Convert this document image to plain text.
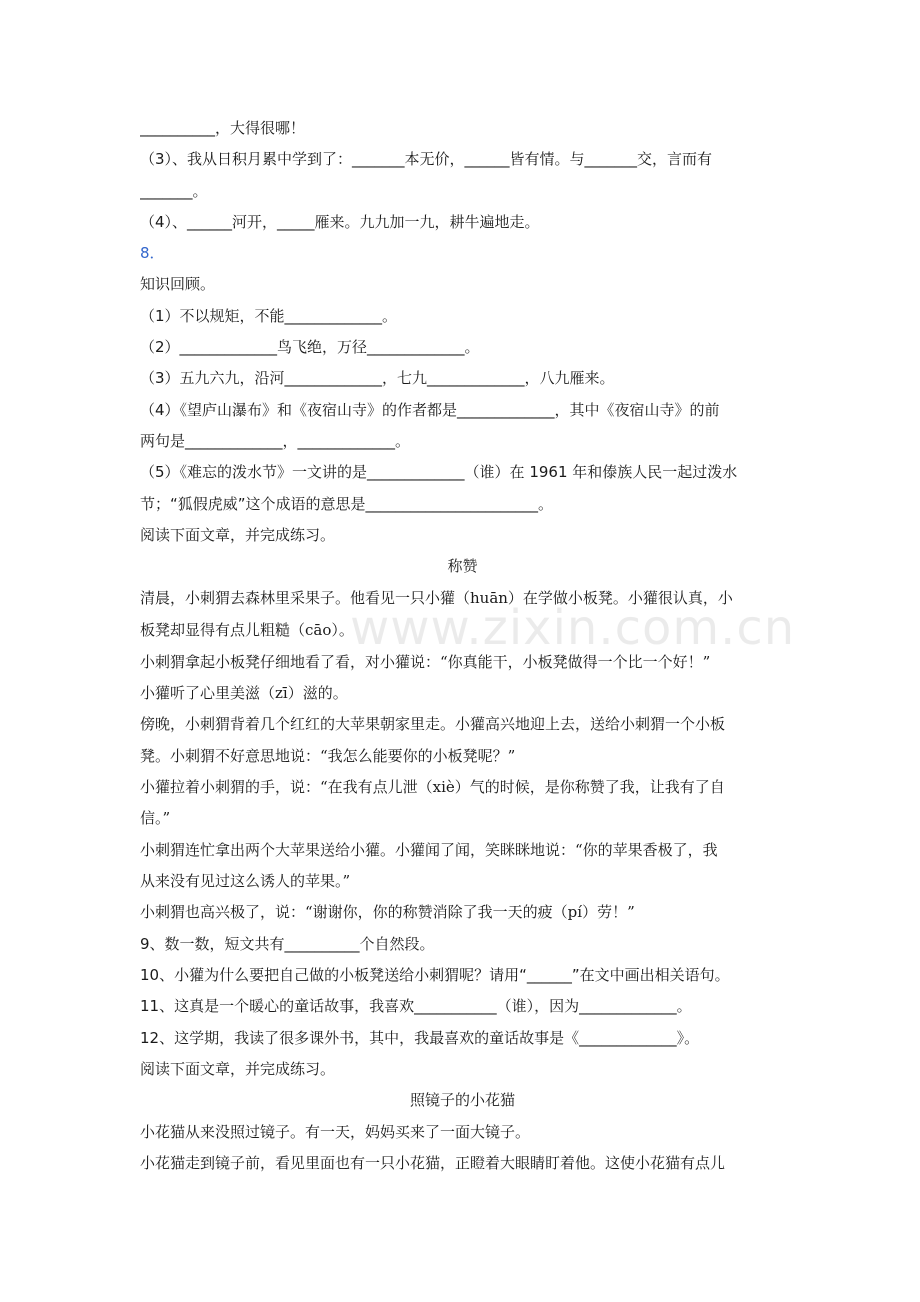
www.zixin.com.cn
__________，大得很哪！
（3）、我从日积月累中学到了：_______本无价，______皆有情。与_______交，言而有
_______。
（4）、______河开，_____雁来。九九加一九，耕牛遍地走。
8．
知识回顾。
（1）不以规矩，不能_____________。
（2）_____________鸟飞绝，万径_____________。
（3）五九六九，沿河_____________，七九_____________，八九雁来。
（4）《望庐山瀑布》和《夜宿山寺》的作者都是_____________，其中《夜宿山寺》的前
两句是_____________，_____________。
（5）《难忘的泼水节》一文讲的是_____________（谁）在 1961 年和傣族人民一起过泼水
节；“狐假虎威”这个成语的意思是_______________________。
阅读下面文章，并完成练习。
称赞
清晨，小刺猬去森林里采果子。他看见一只小獾（huān）在学做小板凳。小獾很认真，小
板凳却显得有点儿粗糙（cāo）。
小刺猬拿起小板凳仔细地看了看，对小獾说：“你真能干，小板凳做得一个比一个好！”
小獾听了心里美滋（zī）滋的。
傍晚，小刺猬背着几个红红的大苹果朝家里走。小獾高兴地迎上去，送给小刺猬一个小板
凳。小刺猬不好意思地说：“我怎么能要你的小板凳呢？”
小獾拉着小刺猬的手，说：“在我有点儿泄（xiè）气的时候，是你称赞了我，让我有了自
信。”
小刺猬连忙拿出两个大苹果送给小獾。小獾闻了闻，笑眯眯地说：“你的苹果香极了，我
从来没有见过这么诱人的苹果。”
小刺猬也高兴极了，说：“谢谢你，你的称赞消除了我一天的疲（pí）劳！”
9、数一数，短文共有__________个自然段。
10、小獾为什么要把自己做的小板凳送给小刺猬呢？请用“______”在文中画出相关语句。
11、这真是一个暖心的童话故事，我喜欢___________（谁），因为_____________。
12、这学期，我读了很多课外书，其中，我最喜欢的童话故事是《_____________》。
阅读下面文章，并完成练习。
照镜子的小花猫
小花猫从来没照过镜子。有一天，妈妈买来了一面大镜子。
小花猫走到镜子前，看见里面也有一只小花猫，正瞪着大眼睛盯着他。这使小花猫有点儿
